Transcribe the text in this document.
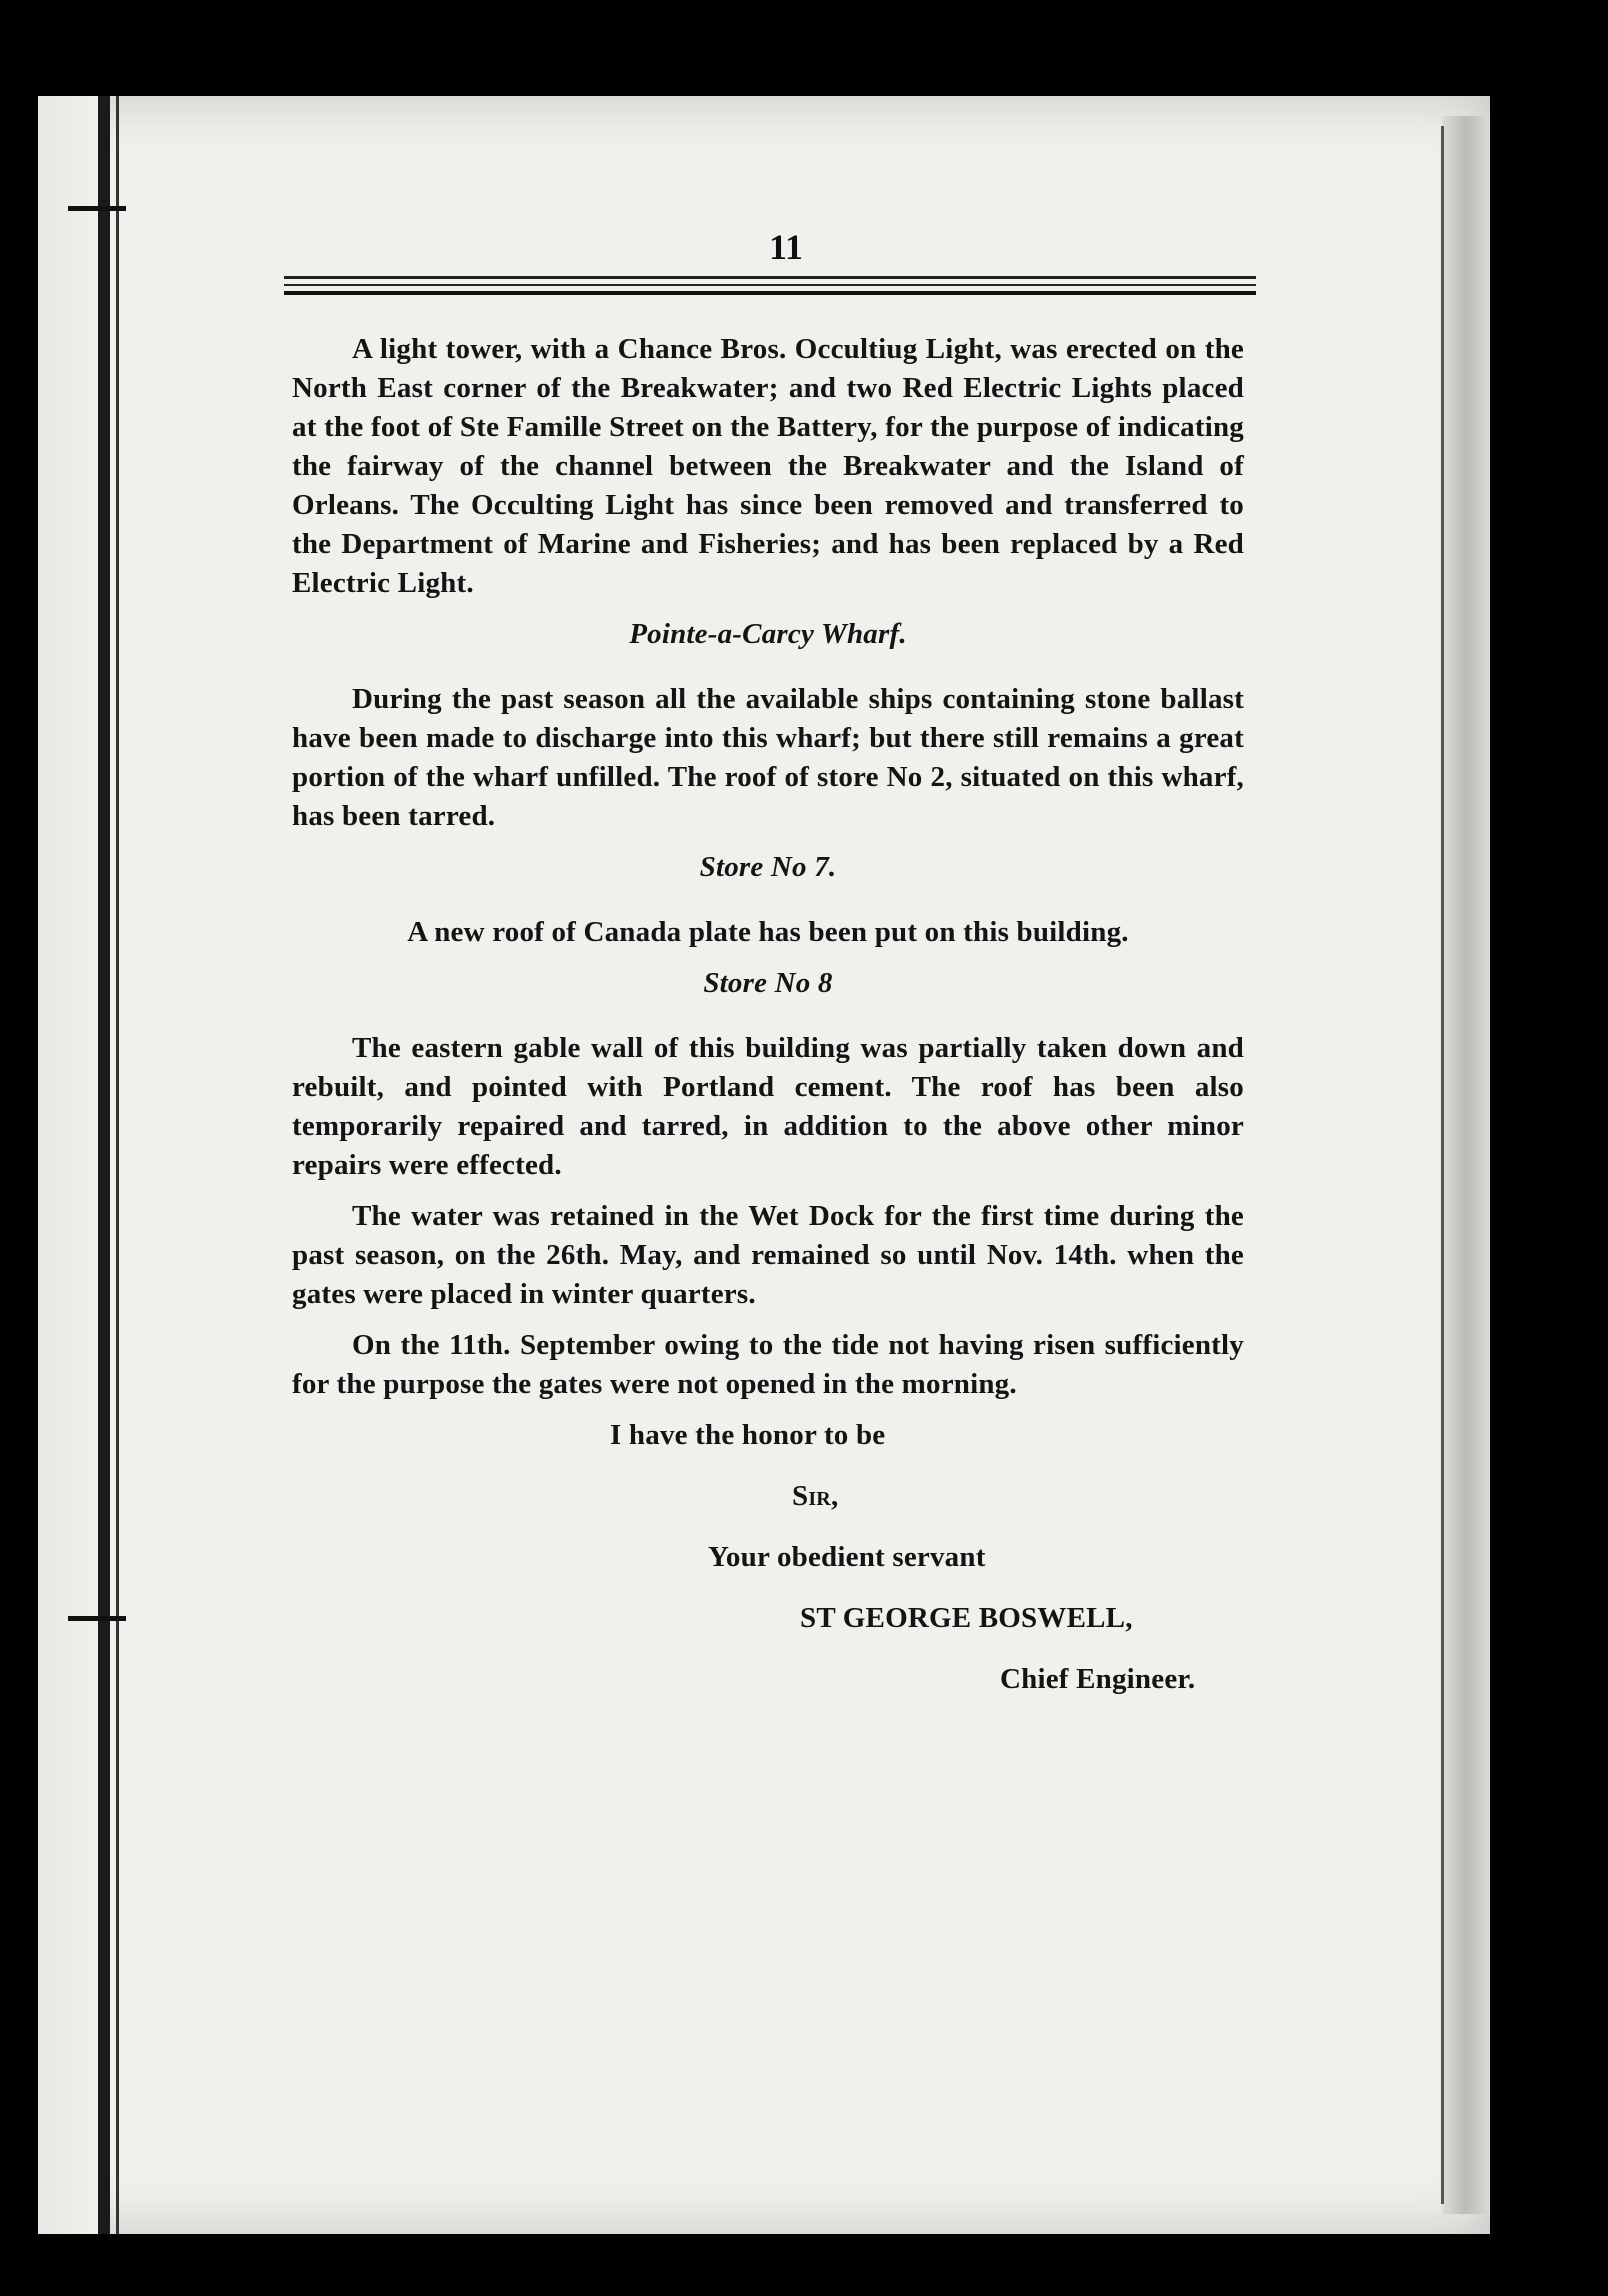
11

A light tower, with a Chance Bros. Occultiug Light, was erected on the North East corner of the Breakwater; and two Red Electric Lights placed at the foot of Ste Famille Street on the Battery, for the purpose of indicating the fairway of the channel between the Breakwater and the Island of Orleans. The Occulting Light has since been removed and transferred to the Department of Marine and Fisheries; and has been replaced by a Red Electric Light.

Pointe-a-Carcy Wharf.

During the past season all the available ships containing stone ballast have been made to discharge into this wharf; but there still remains a great portion of the wharf unfilled. The roof of store No 2, situated on this wharf, has been tarred.

Store No 7.

A new roof of Canada plate has been put on this building.

Store No 8

The eastern gable wall of this building was partially taken down and rebuilt, and pointed with Portland cement. The roof has been also temporarily repaired and tarred, in addition to the above other minor repairs were effected.

The water was retained in the Wet Dock for the first time during the past season, on the 26th. May, and remained so until Nov. 14th. when the gates were placed in winter quarters.

On the 11th. September owing to the tide not having risen sufficiently for the purpose the gates were not opened in the morning.

I have the honor to be
Sir,
Your obedient servant
ST GEORGE BOSWELL,
Chief Engineer.
